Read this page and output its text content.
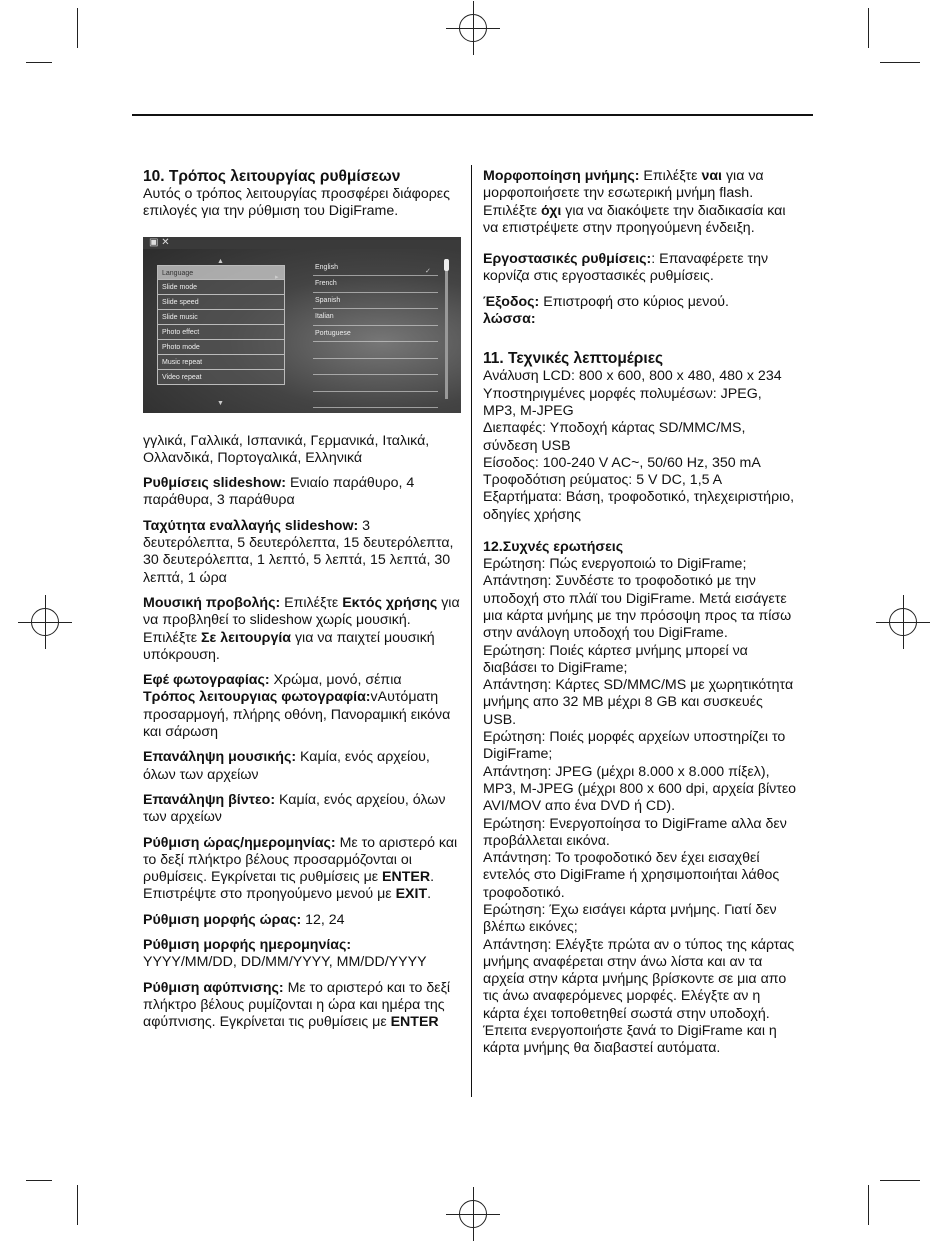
10. Τρόπος λειτουργίας ρυθμίσεων

Αυτός ο τρόπος λειτουργίας προσφέρει διάφορες επιλογές για την ρύθμιση του DigiFrame.

▣ ✕
▲
Language
Slide mode
Slide speed
Slide music
Photo effect
Photo mode
Music repeat
Video repeat
▸
▼
English
French
Spanish
Italian
Portuguese
✓

γγλικά, Γαλλικά, Ισπανικά, Γερμανικά, Ιταλικά, Ολλανδικά, Πορτογαλικά, Ελληνικά

Ρυθμίσεις slideshow: Ενιαίο παράθυρο, 4 παράθυρα, 3 παράθυρα

Ταχύτητα εναλλαγής slideshow: 3 δευτερόλεπτα, 5 δευτερόλεπτα, 15 δευτερόλεπτα, 30 δευτερόλεπτα, 1 λεπτό, 5 λεπτά, 15 λεπτά, 30 λεπτά, 1 ώρα

Μουσική προβολής: Επιλέξτε Εκτός χρήσης για να προβληθεί το slideshow χωρίς μουσική. Επιλέξτε Σε λειτουργία για να παιχτεί μουσική υπόκρουση.

Εφέ φωτογραφίας: Χρώμα, μονό, σέπια

Τρόπος λειτουργιας φωτογραφία:vΑυτόματη προσαρμογή, πλήρης οθόνη, Πανοραμική εικόνα και σάρωση

Επανάληψη μουσικής: Καμία, ενός αρχείου, όλων των αρχείων

Επανάληψη βίντεο: Καμία, ενός αρχείου, όλων των αρχείων

Ρύθμιση ώρας/ημερομηνίας: Με το αριστερό και το δεξί πλήκτρο βέλους προσαρμόζονται οι ρυθμίσεις. Εγκρίνεται τις ρυθμίσεις με ENTER. Επιστρέψτε στο προηγούμενο μενού με EXIT.

Ρύθμιση μορφής ώρας: 12, 24

Ρύθμιση μορφής ημερομηνίας:
YYYY/MM/DD, DD/MM/YYYY, MM/DD/YYYY

Ρύθμιση αφύπνισης: Με το αριστερό και το δεξί πλήκτρο βέλους ρυμίζονται η ώρα και ημέρα της αφύπνισης. Εγκρίνεται τις ρυθμίσεις με ENTER

Μορφοποίηση μνήμης: Επιλέξτε ναι για να μορφοποιήσετε την εσωτερική μνήμη flash. Επιλέξτε όχι για να διακόψετε την διαδικασία και να επιστρέψετε στην προηγούμενη ένδειξη.

Εργοστασικές ρυθμίσεις:: Επαναφέρετε την κορνίζα στις εργοστασικές ρυθμίσεις.

Έξοδος: Επιστροφή στο κύριος μενού.

λώσσα:

11. Τεχνικές λεπτομέριες
Ανάλυση LCD: 800 x 600, 800 x 480, 480 x 234
Υποστηριγμένες μορφές πολυμέσων: JPEG, MP3, M-JPEG
Διεπαφές: Υποδοχή κάρτας SD/MMC/MS, σύνδεση USB
Είσοδος: 100-240 V AC~, 50/60 Hz, 350 mA
Τροφοδότιση ρεύματος: 5 V DC, 1,5 A
Εξαρτήματα: Βάση, τροφοδοτικό, τηλεχειριστήριο, οδηγίες χρήσης
12.Συχνές ερωτήσεις
Ερώτηση: Πώς ενεργοποιώ το DigiFrame;
Απάντηση: Συνδέστε το τροφοδοτικό με την υποδοχή στο πλάϊ του DigiFrame. Μετά εισάγετε μια κάρτα μνήμης με την πρόσοψη προς τα πίσω στην ανάλογη υποδοχή του DigiFrame.
Ερώτηση: Ποιές κάρτεσ μνήμης μπορεί να διαβάσει το DigiFrame;
Απάντηση: Κάρτες SD/MMC/MS με χωρητικότητα μνήμης απο 32 MB μέχρι 8 GB και συσκευές USB.
Ερώτηση: Ποιές μορφές αρχείων υποστηρίζει το DigiFrame;
Απάντηση: JPEG (μέχρι 8.000 x 8.000 πίξελ), MP3, M-JPEG (μέχρι 800 x 600 dpi, αρχεία βίντεο AVI/MOV απο ένα DVD ή CD).
Ερώτηση: Ενεργοποίησα το DigiFrame αλλα δεν προβάλλεται εικόνα.
Απάντηση: Το τροφοδοτικό δεν έχει εισαχθεί εντελός στο DigiFrame ή χρησιμοποιήται λάθος τροφοδοτικό.
Ερώτηση: Έχω εισάγει κάρτα μνήμης. Γιατί δεν βλέπω εικόνες;
Απάντηση: Ελέγξτε πρώτα αν ο τύπος της κάρτας μνήμης αναφέρεται στην άνω λίστα και αν τα αρχεία στην κάρτα μνήμης βρίσκοντε σε μια απο τις άνω αναφερόμενες μορφές. Ελέγξτε αν η κάρτα έχει τοποθετηθεί σωστά στην υποδοχή. Έπειτα ενεργοποιήστε ξανά το DigiFrame και η κάρτα μνήμης θα διαβαστεί αυτόματα.
